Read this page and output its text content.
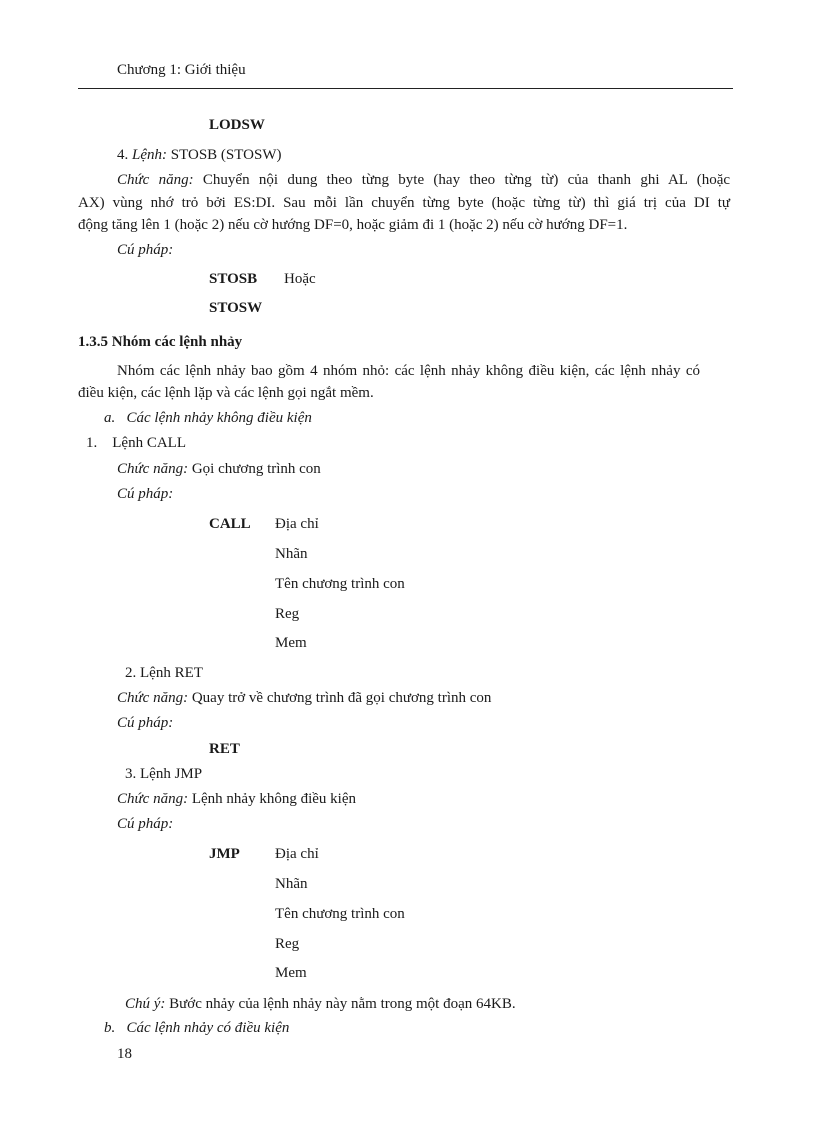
Chương 1: Giới thiệu
LODSW
4. Lệnh: STOSB (STOSW)
Chức năng: Chuyển nội dung theo từng byte (hay theo từng từ) của thanh ghi AL (hoặc
AX) vùng nhớ trỏ bởi ES:DI. Sau mỗi lần chuyển từng byte (hoặc từng từ) thì giá trị của DI tự
động tăng lên 1 (hoặc 2) nếu cờ hướng DF=0, hoặc giảm đi 1 (hoặc 2) nếu cờ hướng DF=1.
Cú pháp:
STOSB Hoặc
STOSW
1.3.5 Nhóm các lệnh nhảy
Nhóm các lệnh nhảy bao gồm 4 nhóm nhỏ: các lệnh nhảy không điều kiện, các lệnh nhảy có
điều kiện, các lệnh lặp và các lệnh gọi ngắt mềm.
a. Các lệnh nhảy không điều kiện
1. Lệnh CALL
Chức năng: Gọi chương trình con
Cú pháp:
CALL Địa chỉ
Nhãn
Tên chương trình con
Reg
Mem
2. Lệnh RET
Chức năng: Quay trở về chương trình đã gọi chương trình con
Cú pháp:
RET
3. Lệnh JMP
Chức năng: Lệnh nhảy không điều kiện
Cú pháp:
JMP Địa chỉ
Nhãn
Tên chương trình con
Reg
Mem
Chú ý: Bước nhảy của lệnh nhảy này nằm trong một đoạn 64KB.
b. Các lệnh nhảy có điều kiện
18
